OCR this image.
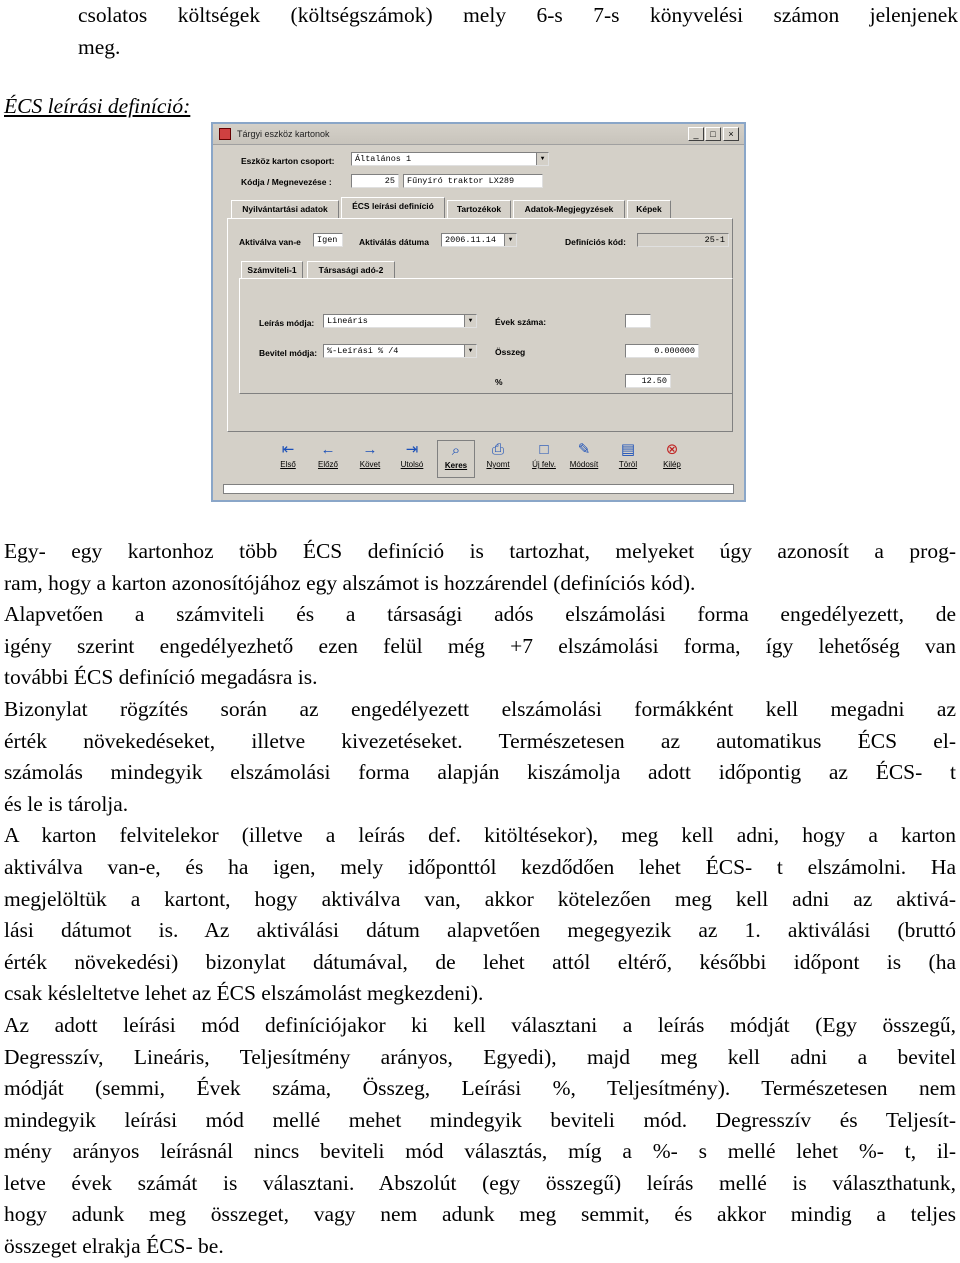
csolatos költségek (költségszámok) mely 6-s 7-s könyvelési számon jelenjenek
meg.
ÉCS leírási definíció:
Tárgyi eszköz kartonok	_	□	×
Eszköz karton csoport:	Általános 1	▼
Kódja / Megnevezése :	25	Fűnyíró traktor LX289
Nyilvántartási adatok	ÉCS leírási definíció	Tartozékok	Adatok-Megjegyzések	Képek
Aktiválva van-e	Igen	Aktiválás dátuma	2006.11.14	▼	Definíciós kód:	25-1
Számviteli-1	Társasági adó-2
Leírás módja:	Lineáris	▼
Bevitel módja:	%-Leírási % /4	▼
Évek száma:
Összeg	0.000000
%	12.50
⇤
Első
←
Előző
→
Követ
⇥
Utolsó
⌕
Keres
⎙
Nyomt
□
Új felv.
✎
Módosít
▤
Töröl
⊗
Kilép
Egy- egy kartonhoz több ÉCS definíció is tartozhat, melyeket úgy azonosít a prog-
ram, hogy a karton azonosítójához egy alszámot is hozzárendel (definíciós kód).
Alapvetően a számviteli és a társasági adós elszámolási forma engedélyezett, de
igény szerint engedélyezhető ezen felül még +7 elszámolási forma, így lehetőség van
további ÉCS definíció megadásra is.
Bizonylat rögzítés során az engedélyezett elszámolási formákként kell megadni az
érték növekedéseket, illetve kivezetéseket. Természetesen az automatikus ÉCS el-
számolás mindegyik elszámolási forma alapján kiszámolja adott időpontig az ÉCS- t
és le is tárolja.
A karton felvitelekor (illetve a leírás def. kitöltésekor), meg kell adni, hogy a karton
aktiválva van-e, és ha igen, mely időponttól kezdődően lehet ÉCS- t elszámolni. Ha
megjelöltük a kartont, hogy aktiválva van, akkor kötelezően meg kell adni az aktivá-
lási dátumot is. Az aktiválási dátum alapvetően megegyezik az 1. aktiválási (bruttó
érték növekedési) bizonylat dátumával, de lehet attól eltérő, későbbi időpont is (ha
csak késleltetve lehet az ÉCS elszámolást megkezdeni).
Az adott leírási mód definíciójakor ki kell választani a leírás módját (Egy összegű,
Degresszív, Lineáris, Teljesítmény arányos, Egyedi), majd meg kell adni a bevitel
módját (semmi, Évek száma, Összeg, Leírási %, Teljesítmény). Természetesen nem
mindegyik leírási mód mellé mehet mindegyik beviteli mód. Degresszív és Teljesít-
mény arányos leírásnál nincs beviteli mód választás, míg a %- s mellé lehet %- t, il-
letve évek számát is választani. Abszolút (egy összegű) leírás mellé is választhatunk,
hogy adunk meg összeget, vagy nem adunk meg semmit, és akkor mindig a teljes
összeget elrakja ÉCS- be.
